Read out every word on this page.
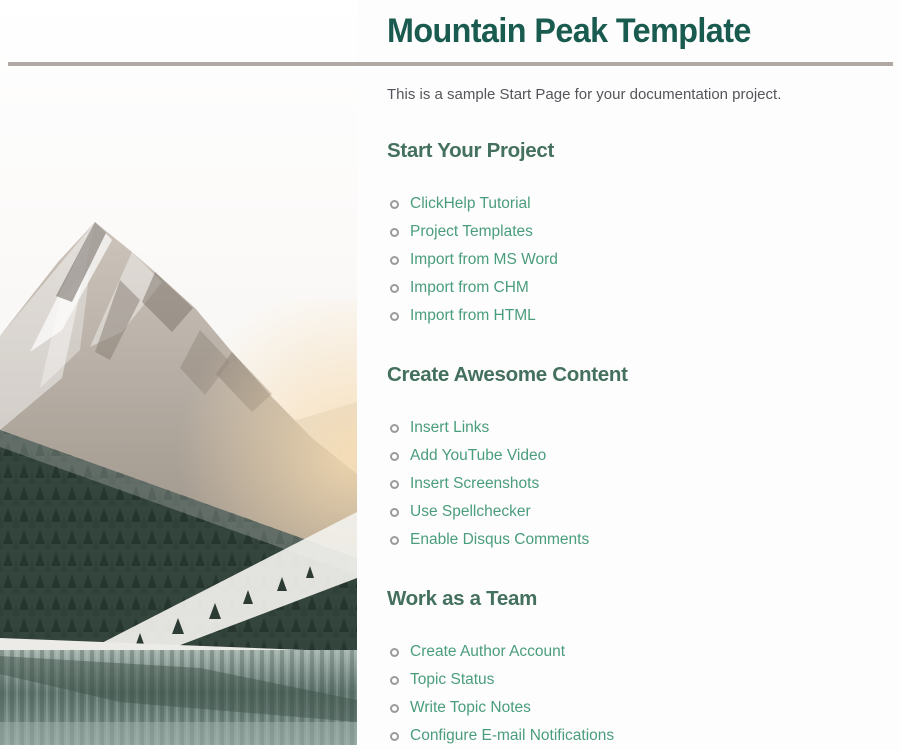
Mountain Peak Template

This is a sample Start Page for your documentation project.

Start Your Project
ClickHelp Tutorial
Project Templates
Import from MS Word
Import from CHM
Import from HTML
Create Awesome Content
Insert Links
Add YouTube Video
Insert Screenshots
Use Spellchecker
Enable Disqus Comments
Work as a Team
Create Author Account
Topic Status
Write Topic Notes
Configure E-mail Notifications
